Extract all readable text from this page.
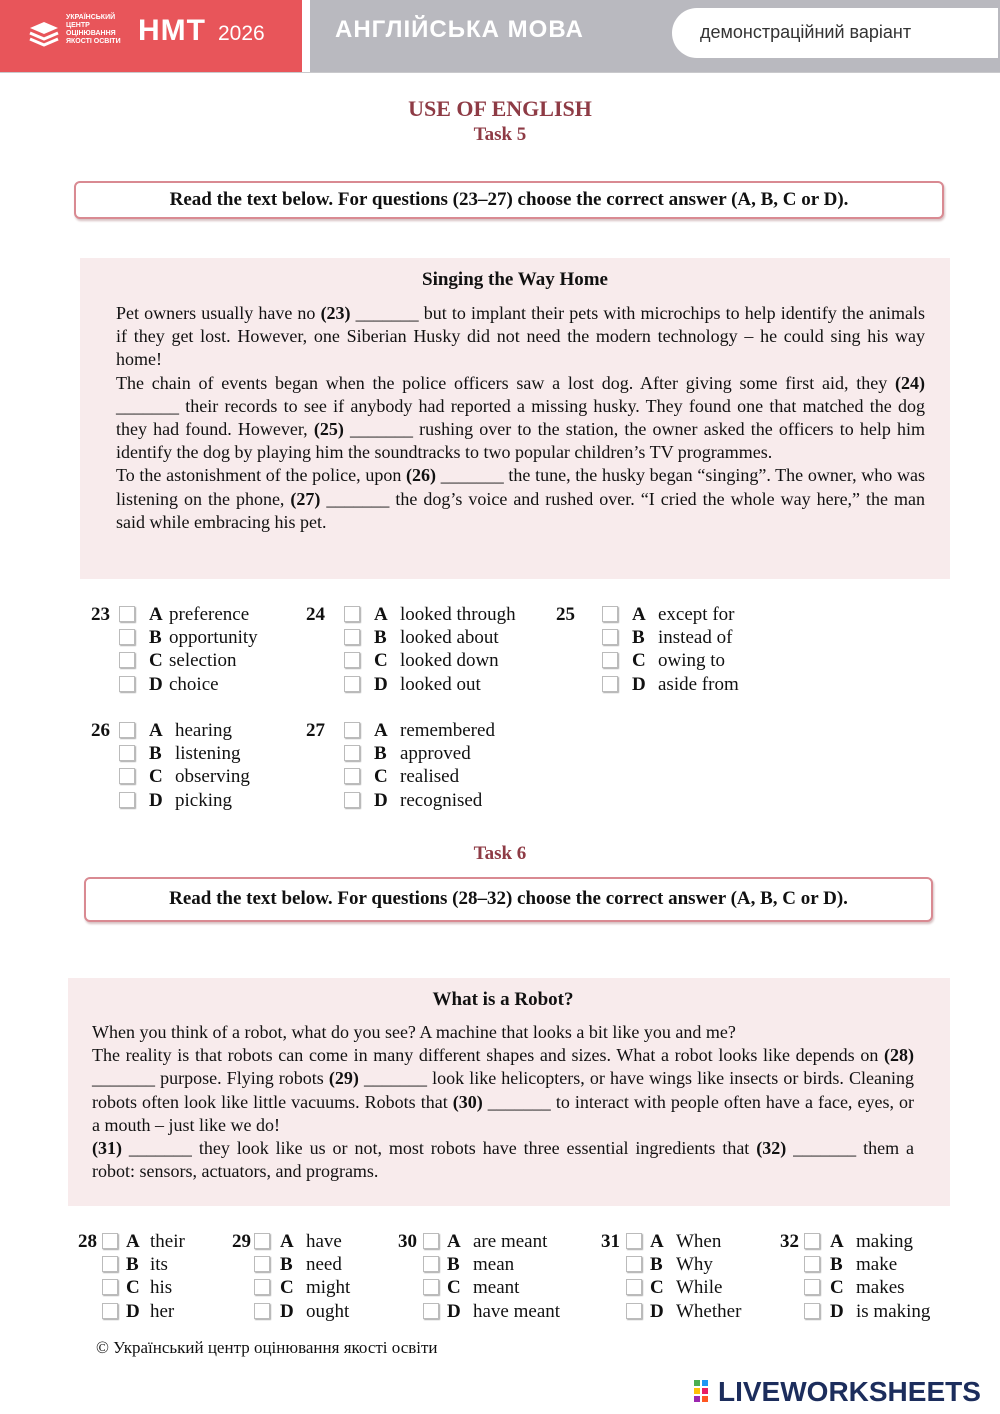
УКРАЇНСЬКИЙ
ЦЕНТР
ОЦІНЮВАННЯ
ЯКОСТІ ОСВІТИ НМТ 2026	АНГЛІЙСЬКА МОВА	демонстраційний варіант
USE OF ENGLISH
Task 5
Read the text below. For questions (23–27) choose the correct answer (A, B, C or D).
Singing the Way Home
Pet owners usually have no (23) _______ but to implant their pets with microchips to help identify the animals if they get lost. However, one Siberian Husky did not need the modern technology – he could sing his way home!
The chain of events began when the police officers saw a lost dog. After giving some first aid, they (24) _______ their records to see if anybody had reported a missing husky. They found one that matched the dog they had found. However, (25) _______ rushing over to the station, the owner asked the officers to help him identify the dog by playing him the soundtracks to two popular children’s TV programmes.
To the astonishment of the police, upon (26) _______ the tune, the husky began “singing”. The owner, who was listening on the phone, (27) _______ the dog’s voice and rushed over. “I cried the whole way here,” the man said while embracing his pet.
23	A preference
B opportunity
C selection
D choice
24	A looked through
B looked about
C looked down
D looked out
25	A except for
B instead of
C owing to
D aside from
26	A hearing
B listening
C observing
D picking
27	A remembered
B approved
C realised
D recognised
Task 6
Read the text below. For questions (28–32) choose the correct answer (A, B, C or D).
What is a Robot?
When you think of a robot, what do you see? A machine that looks a bit like you and me?
The reality is that robots can come in many different shapes and sizes. What a robot looks like depends on (28) _______ purpose. Flying robots (29) _______ look like helicopters, or have wings like insects or birds. Cleaning robots often look like little vacuums. Robots that (30) _______ to interact with people often have a face, eyes, or a mouth – just like we do!
(31) _______ they look like us or not, most robots have three essential ingredients that (32) _______ them a robot: sensors, actuators, and programs.
28	A their
B its
C his
D her
29	A have
B need
C might
D ought
30	A are meant
B mean
C meant
D have meant
31	A When
B Why
C While
D Whether
32	A making
B make
C makes
D is making
© Український центр оцінювання якості освіти
LIVEWORKSHEETS
